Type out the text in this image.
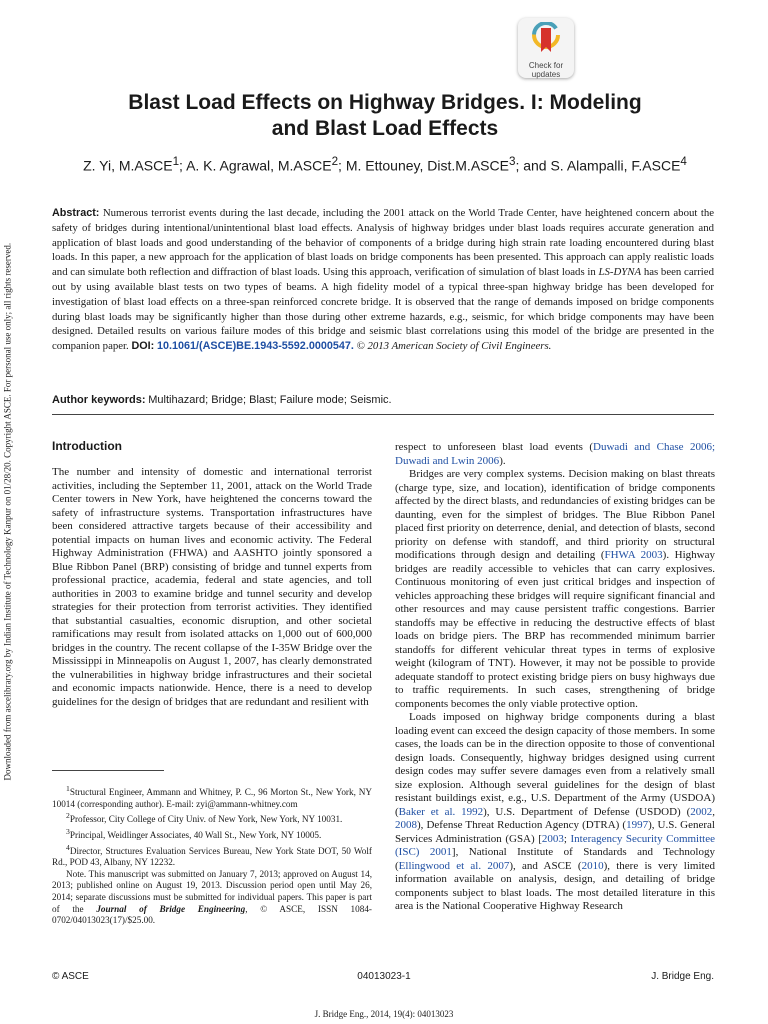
Downloaded from ascelibrary.org by Indian Institute of Technology Kanpur on 01/28/20. Copyright ASCE. For personal use only; all rights reserved.
Check for
updates
Blast Load Effects on Highway Bridges. I: Modeling
and Blast Load Effects
Z. Yi, M.ASCE$^1$; A. K. Agrawal, M.ASCE$^2$; M. Ettouney, Dist.M.ASCE$^3$; and S. Alampalli, F.ASCE$^4$
Abstract: Numerous terrorist events during the last decade, including the 2001 attack on the World Trade Center, have heightened concern about the safety of bridges during intentional/unintentional blast load effects. Analysis of highway bridges under blast loads requires accurate generation and application of blast loads and good understanding of the behavior of components of a bridge during high strain rate loading encountered during blast loads. In this paper, a new approach for the application of blast loads on bridge components has been presented. This approach can apply realistic loads and can simulate both reflection and diffraction of blast loads. Using this approach, verification of simulation of blast loads in LS-DYNA has been carried out by using available blast tests on two types of beams. A high fidelity model of a typical three-span highway bridge has been developed for investigation of blast load effects on a three-span reinforced concrete bridge. It is observed that the range of demands imposed on bridge components during blast loads may be significantly higher than those during other extreme hazards, e.g., seismic, for which bridge components may have been designed. Detailed results on various failure modes of this bridge and seismic blast correlations using this model of the bridge are presented in the companion paper. DOI: 10.1061/(ASCE)BE.1943-5592.0000547. © 2013 American Society of Civil Engineers.
Author keywords: Multihazard; Bridge; Blast; Failure mode; Seismic.
Introduction

The number and intensity of domestic and international terrorist activities, including the September 11, 2001, attack on the World Trade Center towers in New York, have heightened the concerns toward the safety of infrastructure systems. Transportation infrastructures have been considered attractive targets because of their accessibility and potential impacts on human lives and economic activity. The Federal Highway Administration (FHWA) and AASHTO jointly sponsored a Blue Ribbon Panel (BRP) consisting of bridge and tunnel experts from professional practice, academia, federal and state agencies, and toll authorities in 2003 to examine bridge and tunnel security and develop strategies for their protection from terrorist activities. They identified that substantial casualties, economic disruption, and other societal ramifications may result from isolated attacks on 1,000 out of 600,000 bridges in the country. The recent collapse of the I-35W Bridge over the Mississippi in Minneapolis on August 1, 2007, has clearly demonstrated the vulnerabilities in highway bridge infrastructures and their societal and economic impacts nationwide. Hence, there is a need to develop guidelines for the design of bridges that are redundant and resilient with

respect to unforeseen blast load events (Duwadi and Chase 2006; Duwadi and Lwin 2006).

Bridges are very complex systems. Decision making on blast threats (charge type, size, and location), identification of bridge components affected by the direct blasts, and redundancies of existing bridges can be daunting, even for the simplest of bridges. The Blue Ribbon Panel placed first priority on deterrence, denial, and detection of blasts, second priority on defense with standoff, and third priority on structural modifications through design and detailing (FHWA 2003). Highway bridges are readily accessible to vehicles that can carry explosives. Continuous monitoring of even just critical bridges and inspection of vehicles approaching these bridges will require significant financial and other resources and may cause persistent traffic congestions. Barrier standoffs may be effective in reducing the destructive effects of blast loads on bridge piers. The BRP has recommended minimum barrier standoffs for different vehicular threat types in terms of explosive weight (kilogram of TNT). However, it may not be possible to provide adequate standoff to protect existing bridge piers on busy highways due to traffic requirements. In such cases, strengthening of bridge components becomes the only viable protective option.

Loads imposed on highway bridge components during a blast loading event can exceed the design capacity of those members. In some cases, the loads can be in the direction opposite to those of conventional design loads. Consequently, highway bridges designed using current design codes may suffer severe damages even from a relatively small size explosion. Although several guidelines for the design of blast resistant buildings exist, e.g., U.S. Department of the Army (USDOA) (Baker et al. 1992), U.S. Department of Defense (USDOD) (2002, 2008), Defense Threat Reduction Agency (DTRA) (1997), U.S. General Services Administration (GSA) [2003; Interagency Security Committee (ISC) 2001], National Institute of Standards and Technology (Ellingwood et al. 2007), and ASCE (2010), there is very limited information available on analysis, design, and detailing of bridge components subject to blast loads. The most detailed literature in this area is the National Cooperative Highway Research

$^1$Structural Engineer, Ammann and Whitney, P. C., 96 Morton St., New York, NY 10014 (corresponding author). E-mail: zyi@ammann-whitney.com

$^2$Professor, City College of City Univ. of New York, New York, NY 10031.

$^3$Principal, Weidlinger Associates, 40 Wall St., New York, NY 10005.

$^4$Director, Structures Evaluation Services Bureau, New York State DOT, 50 Wolf Rd., POD 43, Albany, NY 12232.

Note. This manuscript was submitted on January 7, 2013; approved on August 14, 2013; published online on August 19, 2013. Discussion period open until May 26, 2014; separate discussions must be submitted for individual papers. This paper is part of the Journal of Bridge Engineering, © ASCE, ISSN 1084-0702/04013023(17)/$25.00.

© ASCE	04013023-1	J. Bridge Eng.
J. Bridge Eng., 2014, 19(4): 04013023
